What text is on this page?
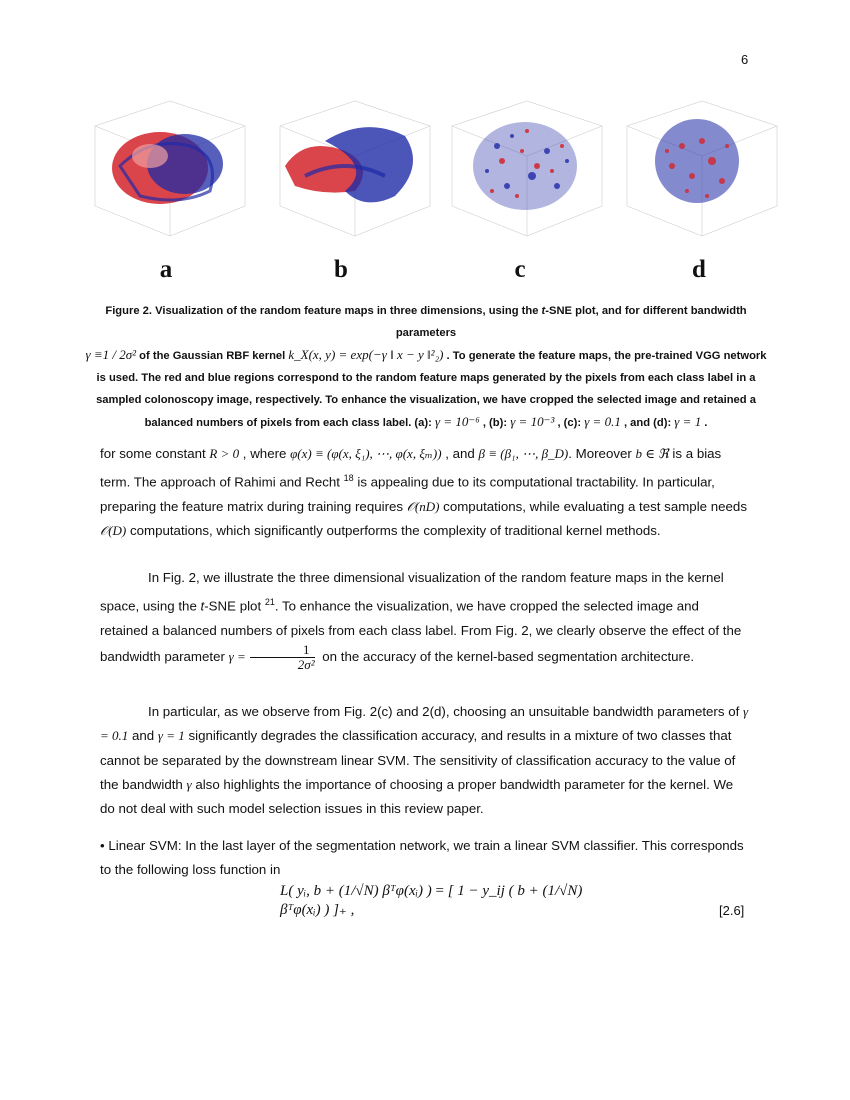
6
a	b	c	d
Figure 2. Visualization of the random feature maps in three dimensions, using the t-SNE plot, and for different bandwidth parameters
γ ≡1 / 2σ² of the Gaussian RBF kernel k_X(x, y) = exp(−γ ‖ x − y ‖²₂) . To generate the feature maps, the pre-trained VGG network
is used. The red and blue regions correspond to the random feature maps generated by the pixels from each class label in a sampled colonoscopy image, respectively. To enhance the visualization, we have cropped the selected image and retained a balanced numbers of pixels from each class label. (a): γ = 10⁻⁶ , (b): γ = 10⁻³ , (c): γ = 0.1 , and (d): γ = 1 .

for some constant R > 0 , where φ(x) ≡ (φ(x, ξ₁), ⋯, φ(x, ξₘ)) , and β ≡ (β₁, ⋯, β_D). Moreover b ∈ ℜ is a bias term. The approach of Rahimi and Recht $^{18}$ is appealing due to its computational tractability. In particular, preparing the feature matrix during training requires 𝒪(nD) computations, while evaluating a test sample needs 𝒪(D) computations, which significantly outperforms the complexity of traditional kernel methods.

In Fig. 2, we illustrate the three dimensional visualization of the random feature maps in the kernel space, using the t-SNE plot $^{21}$. To enhance the visualization, we have cropped the selected image and retained a balanced numbers of pixels from each class label. From Fig. 2, we clearly observe the effect of the bandwidth parameter $\gamma = \frac{1}{\text{2σ²}}$ on the accuracy of the kernel-based segmentation architecture.

In particular, as we observe from Fig. 2(c) and 2(d), choosing an unsuitable bandwidth parameters of γ = 0.1 and γ = 1 significantly degrades the classification accuracy, and results in a mixture of two classes that cannot be separated by the downstream linear SVM. The sensitivity of classification accuracy to the value of the bandwidth γ also highlights the importance of choosing a proper bandwidth parameter for the kernel. We do not deal with such model selection issues in this review paper.

• Linear SVM: In the last layer of the segmentation network, we train a linear SVM classifier. This corresponds to the following loss function in

L( yᵢ, b + (1/√N) βᵀφ(xᵢ) ) = [ 1 − y_ij ( b + (1/√N) βᵀφ(xᵢ) ) ]₊ ,	[2.6]
